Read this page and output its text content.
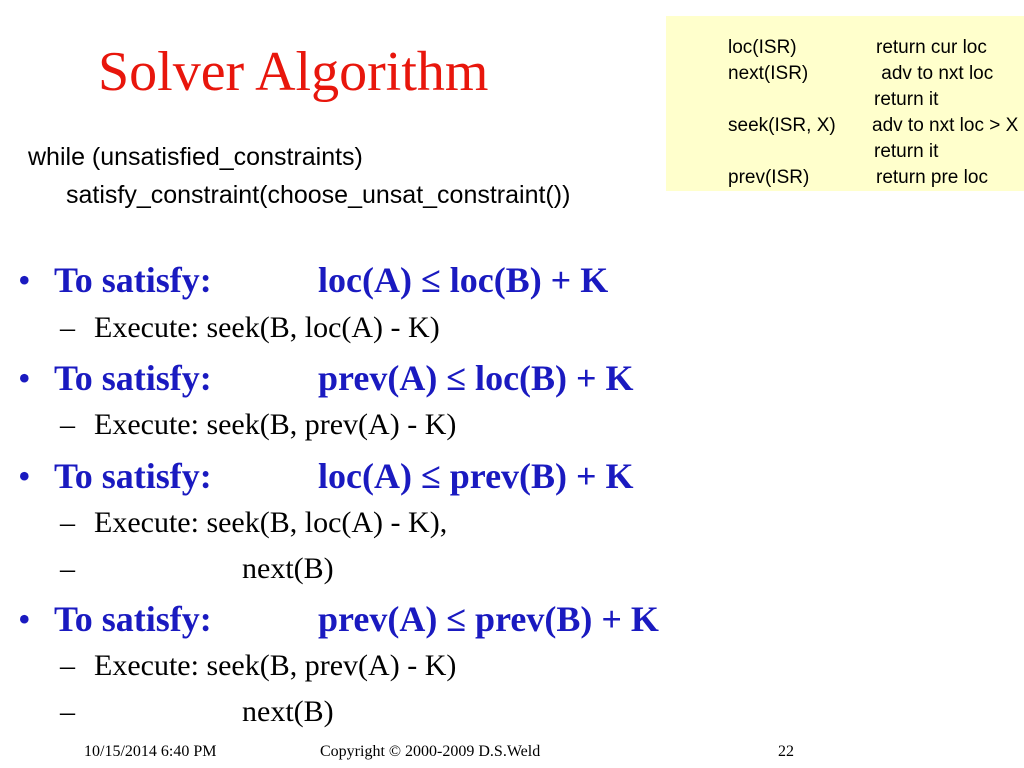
Solver Algorithm	loc(ISR)	return cur loc
next(ISR)	adv to nxt loc
return it
seek(ISR, X) adv to nxt loc > X
return it
prev(ISR)	return pre loc
while (unsatisfied_constraints)
satisfy_constraint(choose_unsat_constraint())
• To satisfy:	loc(A) ≤ loc(B) + K
– Execute: seek(B, loc(A) - K)
• To satisfy:	prev(A) ≤ loc(B) + K
– Execute: seek(B, prev(A) - K)
• To satisfy:	loc(A) ≤ prev(B) + K
– Execute: seek(B, loc(A) - K),
–	next(B)
• To satisfy:	prev(A) ≤ prev(B) + K
– Execute: seek(B, prev(A) - K)
–	next(B)
10/15/2014 6:40 PM	Copyright © 2000-2009 D.S.Weld	22
